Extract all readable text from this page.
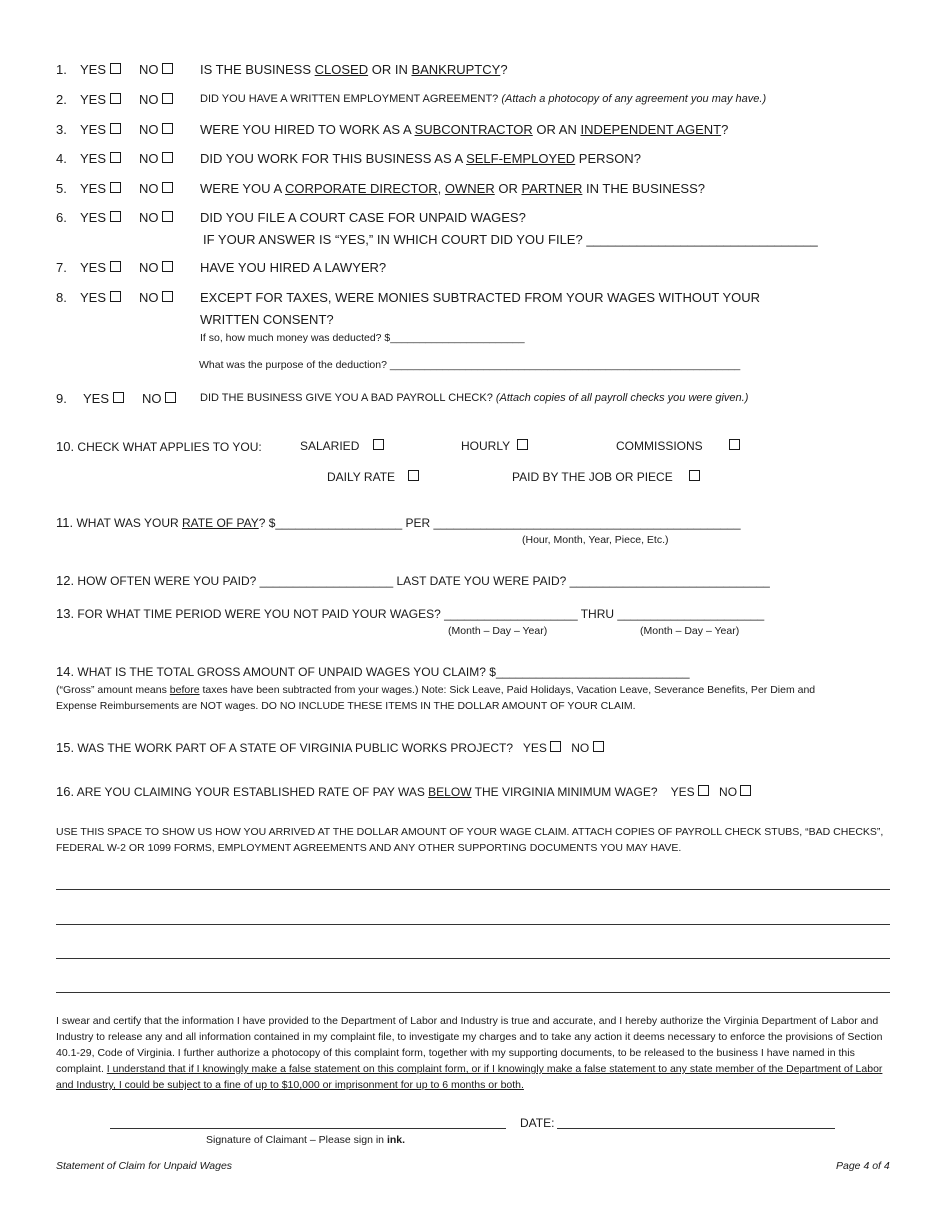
1. YES	NO	IS THE BUSINESS CLOSED OR IN BANKRUPTCY?
2. YES	NO	DID YOU HAVE A WRITTEN EMPLOYMENT AGREEMENT? (Attach a photocopy of any agreement you may have.)
3. YES	NO	WERE YOU HIRED TO WORK AS A SUBCONTRACTOR OR AN INDEPENDENT AGENT?
4. YES	NO	DID YOU WORK FOR THIS BUSINESS AS A SELF-EMPLOYED PERSON?
5. YES	NO	WERE YOU A CORPORATE DIRECTOR, OWNER OR PARTNER IN THE BUSINESS?
6. YES	NO	DID YOU FILE A COURT CASE FOR UNPAID WAGES?
IF YOUR ANSWER IS “YES,” IN WHICH COURT DID YOU FILE? ________________________________
7. YES	NO	HAVE YOU HIRED A LAWYER?
8. YES	NO	EXCEPT FOR TAXES, WERE MONIES SUBTRACTED FROM YOUR WAGES WITHOUT YOUR
WRITTEN CONSENT?
If so, how much money was deducted? $_______________________
What was the purpose of the deduction? ____________________________________________________________
9. YES	NO	DID THE BUSINESS GIVE YOU A BAD PAYROLL CHECK? (Attach copies of all payroll checks you were given.)
10. CHECK WHAT APPLIES TO YOU:	SALARIED	HOURLY	COMMISSIONS
DAILY RATE	PAID BY THE JOB OR PIECE
11. WHAT WAS YOUR RATE OF PAY? $___________________ PER ______________________________________________
(Hour, Month, Year, Piece, Etc.)
12. HOW OFTEN WERE YOU PAID? ____________________ LAST DATE YOU WERE PAID? ______________________________
13. FOR WHAT TIME PERIOD WERE YOU NOT PAID YOUR WAGES? ____________________ THRU ______________________
(Month – Day – Year)	(Month – Day – Year)
14. WHAT IS THE TOTAL GROSS AMOUNT OF UNPAID WAGES YOU CLAIM? $_____________________________
(“Gross” amount means before taxes have been subtracted from your wages.) Note: Sick Leave, Paid Holidays, Vacation Leave, Severance Benefits, Per Diem and
Expense Reimbursements are NOT wages. DO NO INCLUDE THESE ITEMS IN THE DOLLAR AMOUNT OF YOUR CLAIM.
15. WAS THE WORK PART OF A STATE OF VIRGINIA PUBLIC WORKS PROJECT? YES NO
16. ARE YOU CLAIMING YOUR ESTABLISHED RATE OF PAY WAS BELOW THE VIRGINIA MINIMUM WAGE? YES NO
USE THIS SPACE TO SHOW US HOW YOU ARRIVED AT THE DOLLAR AMOUNT OF YOUR WAGE CLAIM. ATTACH COPIES OF PAYROLL CHECK STUBS, “BAD CHECKS”,
FEDERAL W-2 OR 1099 FORMS, EMPLOYMENT AGREEMENTS AND ANY OTHER SUPPORTING DOCUMENTS YOU MAY HAVE.
I swear and certify that the information I have provided to the Department of Labor and Industry is true and accurate, and I hereby authorize the Virginia Department of Labor and Industry to release any and all information contained in my complaint file, to investigate my charges and to take any action it deems necessary to enforce the provisions of Section 40.1-29, Code of Virginia. I further authorize a photocopy of this complaint form, together with my supporting documents, to be released to the business I have named in this complaint. I understand that if I knowingly make a false statement on this complaint form, or if I knowingly make a false statement to any state member of the Department of Labor and Industry, I could be subject to a fine of up to $10,000 or imprisonment for up to 6 months or both.
DATE:
Signature of Claimant – Please sign in ink.
Statement of Claim for Unpaid Wages	Page 4 of 4
